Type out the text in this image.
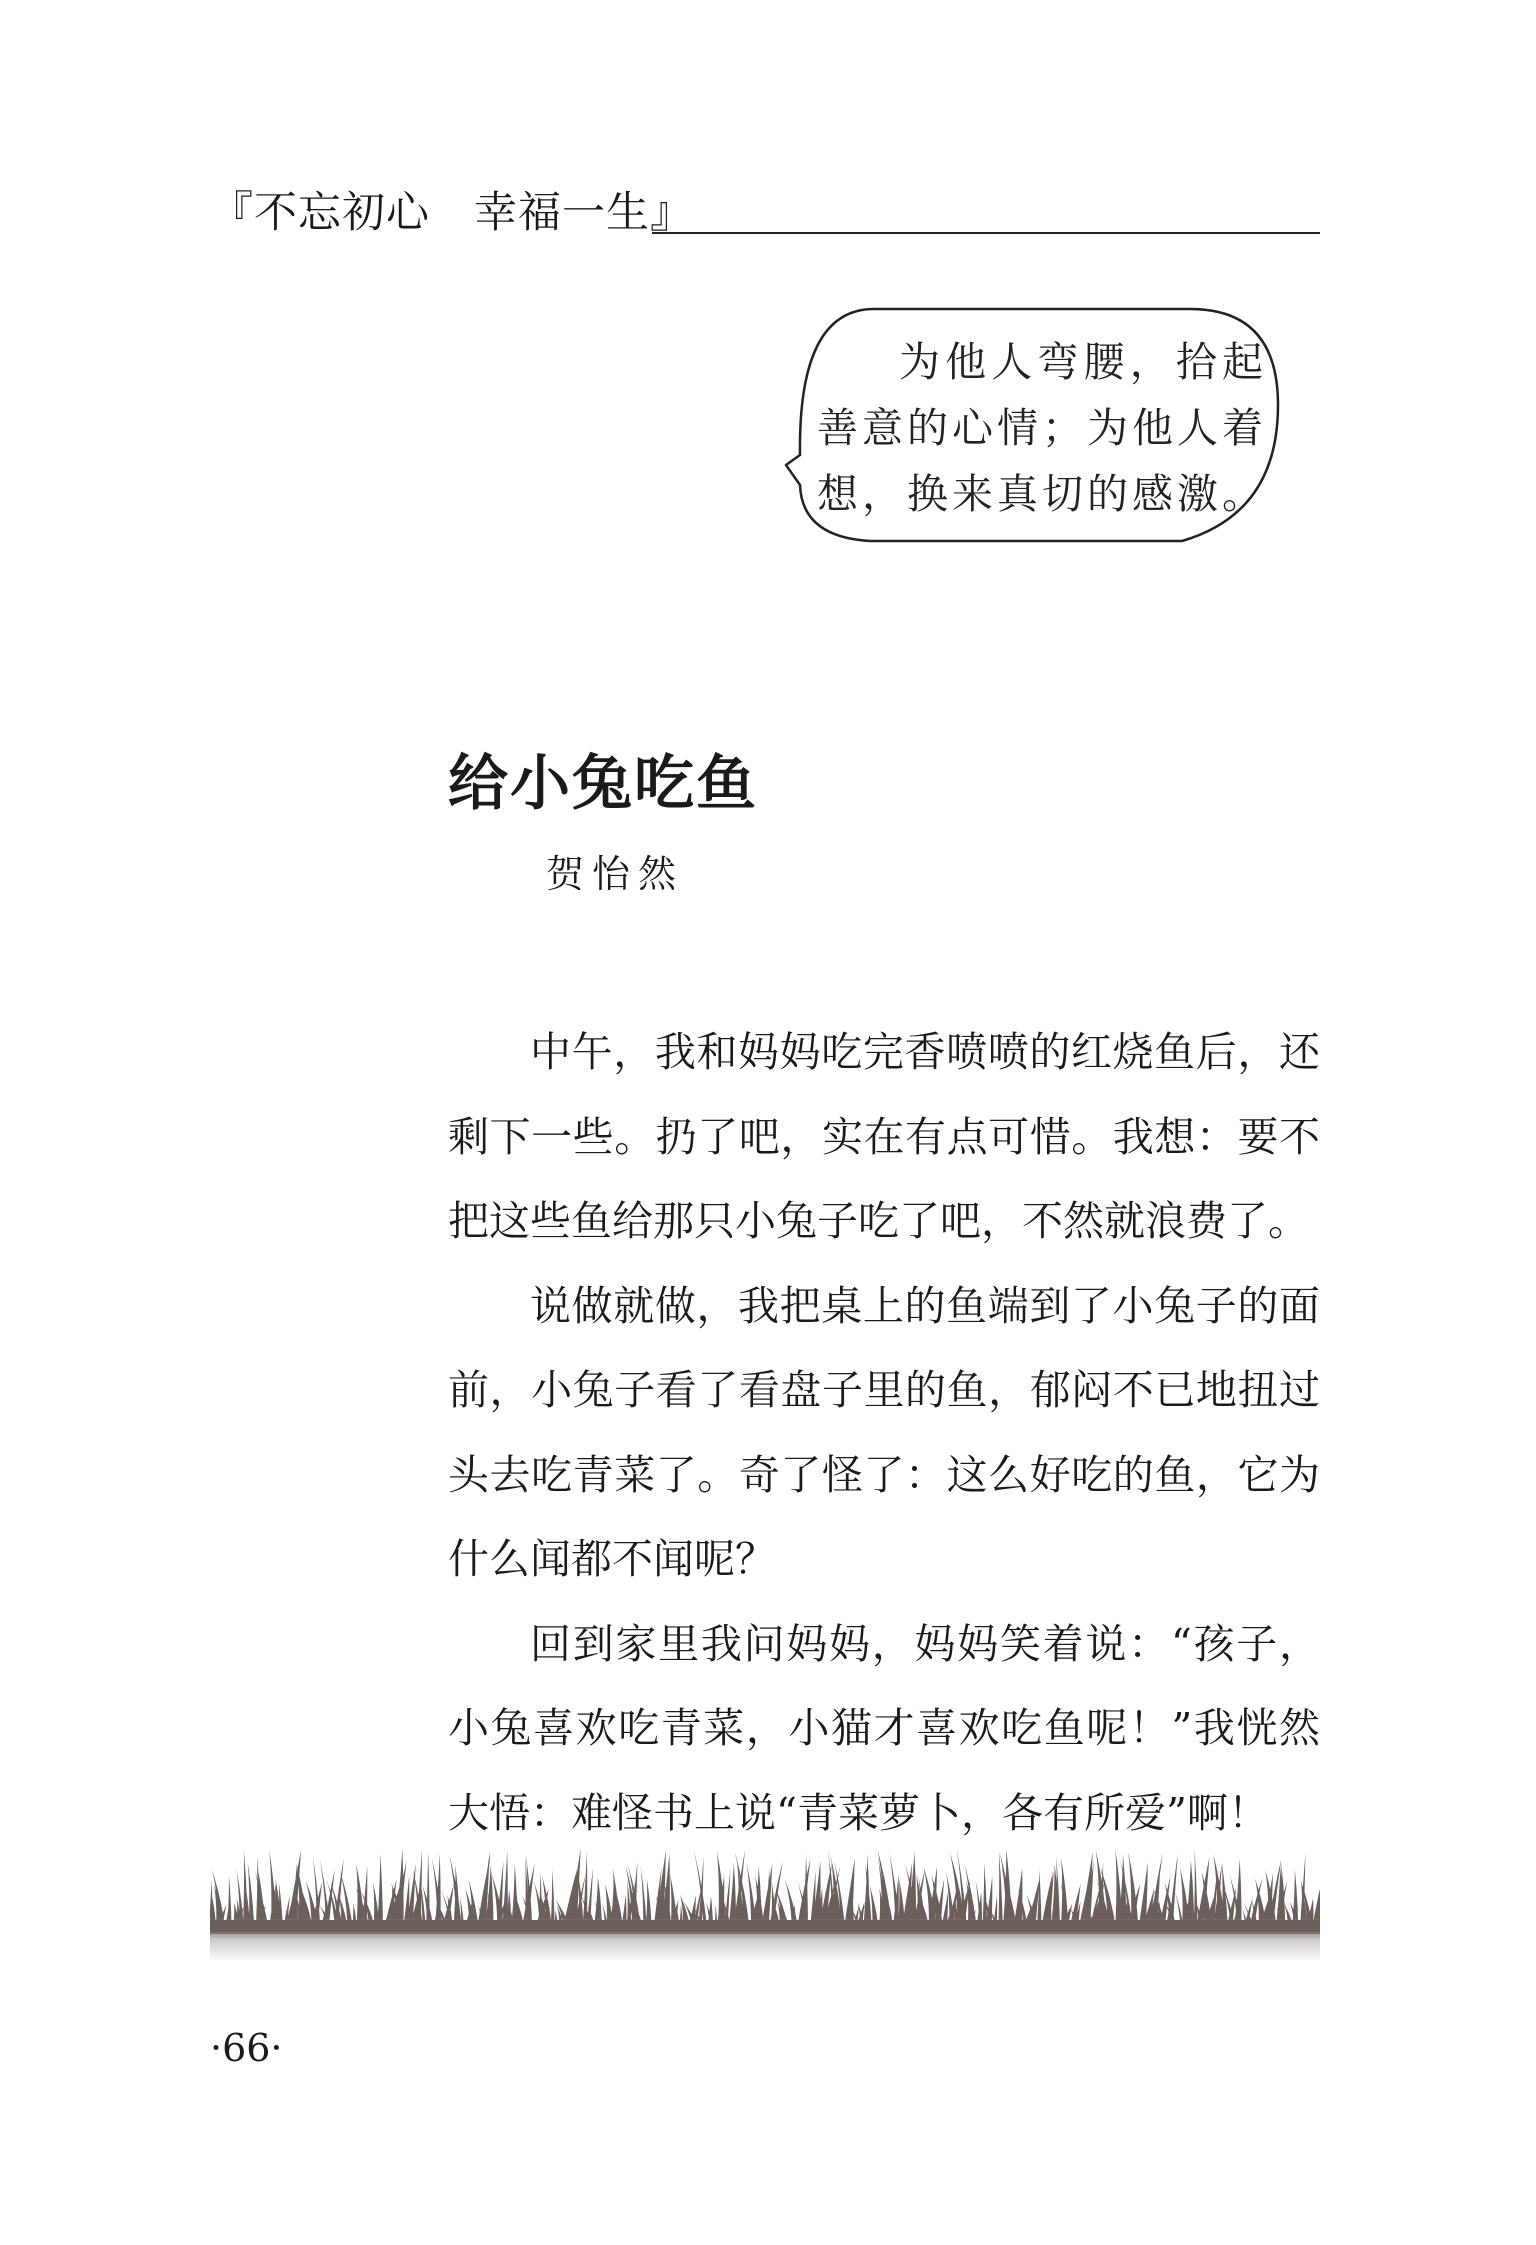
『不忘初心　幸福一生』
为他人弯腰，拾起善意的心情；为他人着想，换来真切的感激。
给小兔吃鱼
贺怡然

中午，我和妈妈吃完香喷喷的红烧鱼后，还剩下一些。扔了吧，实在有点可惜。我想：要不把这些鱼给那只小兔子吃了吧，不然就浪费了。

说做就做，我把桌上的鱼端到了小兔子的面前，小兔子看了看盘子里的鱼，郁闷不已地扭过头去吃青菜了。奇了怪了：这么好吃的鱼，它为什么闻都不闻呢？

回到家里我问妈妈，妈妈笑着说：“孩子，小兔喜欢吃青菜，小猫才喜欢吃鱼呢！”我恍然大悟：难怪书上说“青菜萝卜，各有所爱”啊！

·66·
